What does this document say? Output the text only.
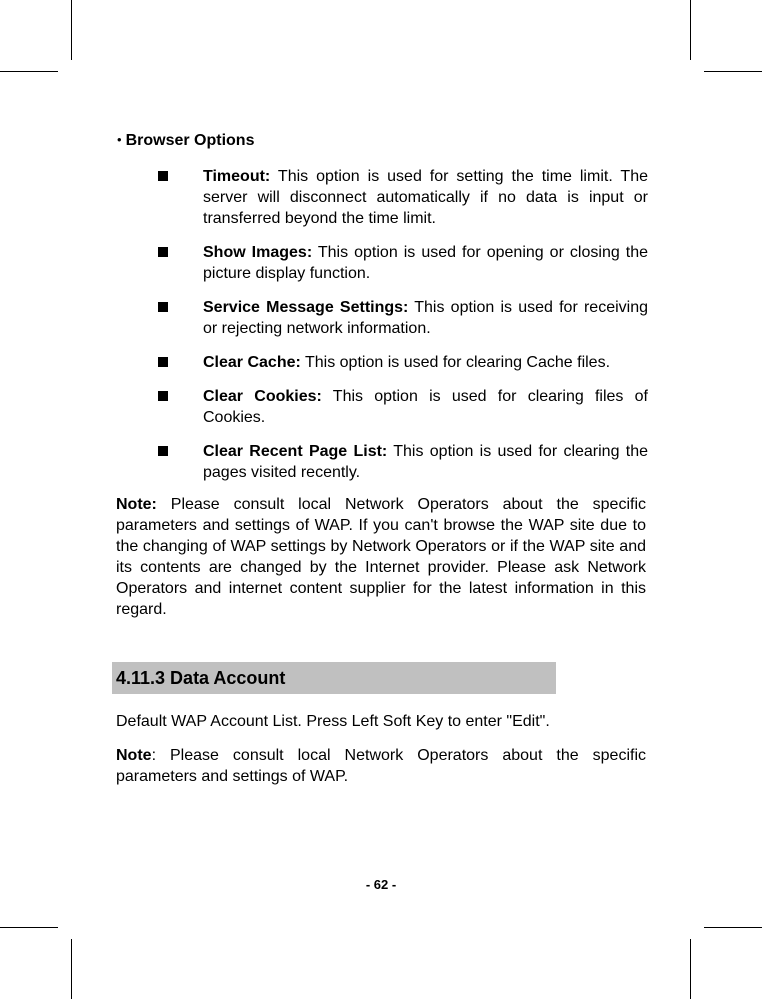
• Browser Options
Timeout: This option is used for setting the time limit. The server will disconnect automatically if no data is input or transferred beyond the time limit.
Show Images: This option is used for opening or closing the picture display function.
Service Message Settings: This option is used for receiving or rejecting network information.
Clear Cache: This option is used for clearing Cache files.
Clear Cookies: This option is used for clearing files of Cookies.
Clear Recent Page List: This option is used for clearing the pages visited recently.

Note: Please consult local Network Operators about the specific parameters and settings of WAP. If you can't browse the WAP site due to the changing of WAP settings by Network Operators or if the WAP site and its contents are changed by the Internet provider. Please ask Network Operators and internet content supplier for the latest information in this regard.

4.11.3 Data Account

Default WAP Account List. Press Left Soft Key to enter "Edit".

Note: Please consult local Network Operators about the specific parameters and settings of WAP.

- 62 -
